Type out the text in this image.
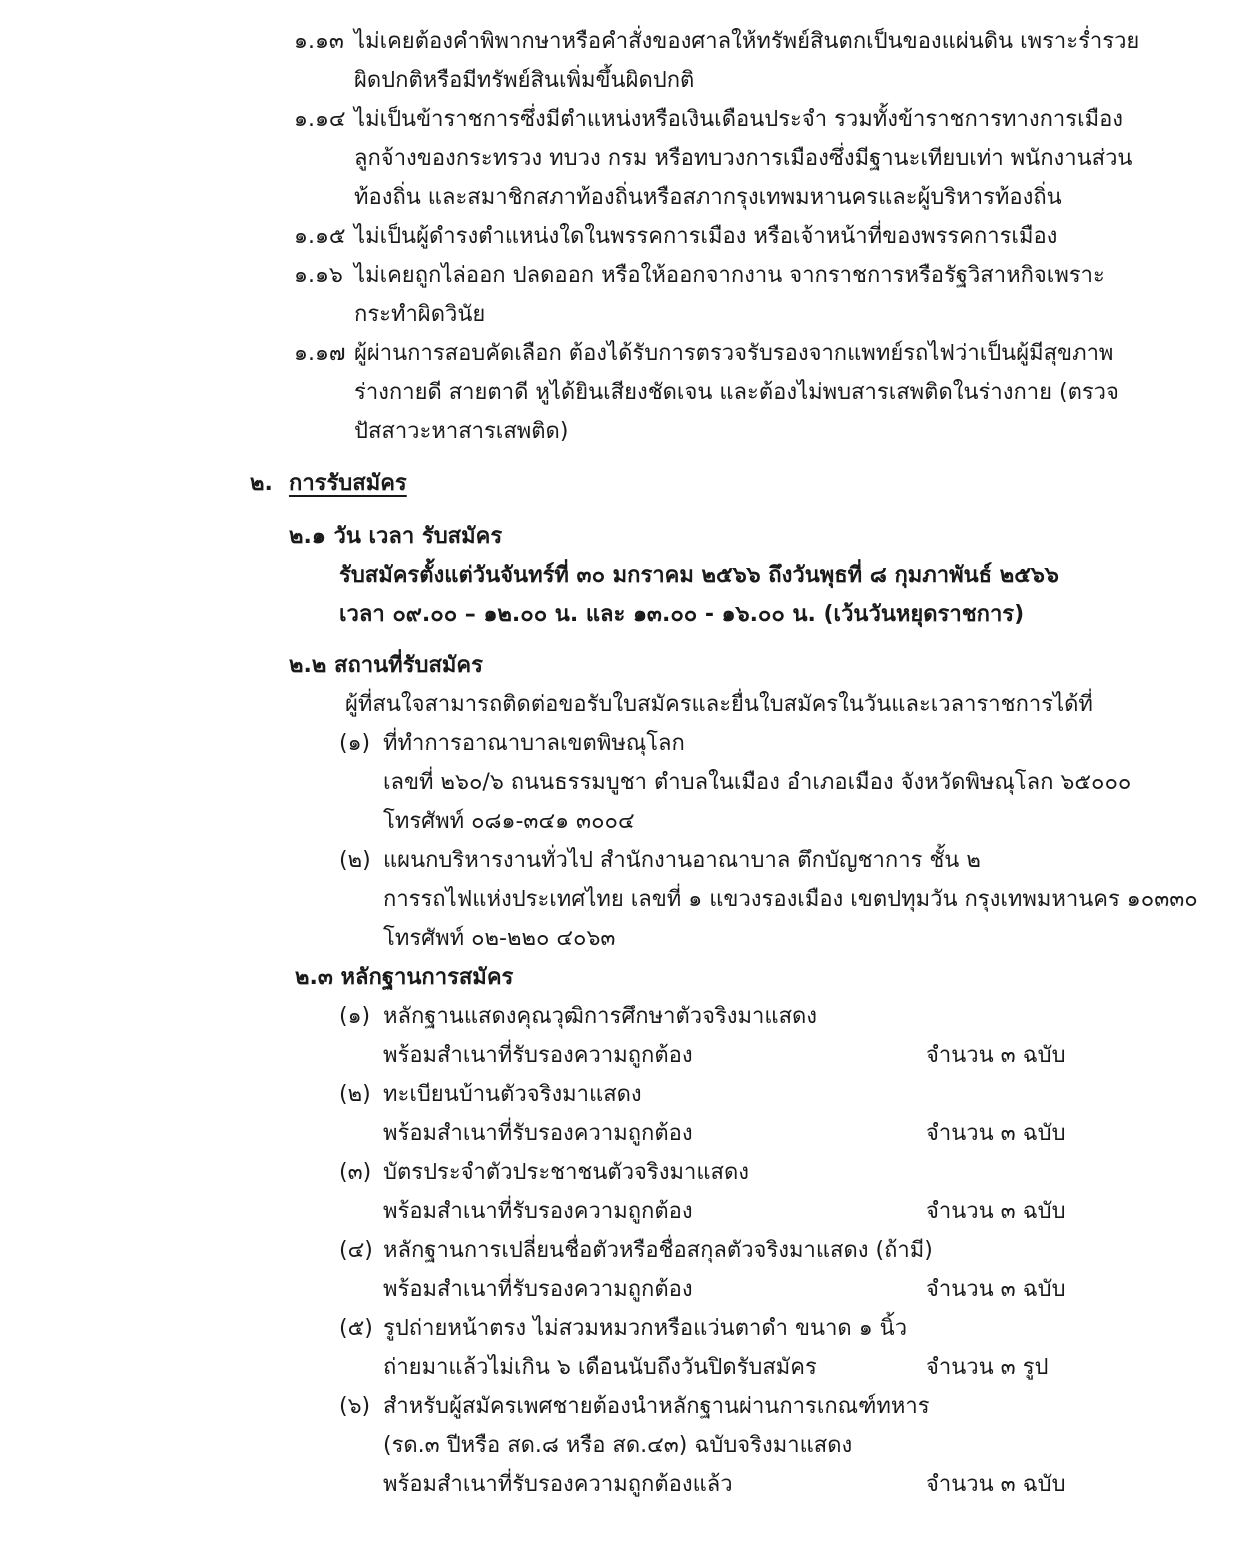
๑.๑๓ ไม่เคยต้องคำพิพากษาหรือคำสั่งของศาลให้ทรัพย์สินตกเป็นของแผ่นดิน เพราะร่ำรวย
ผิดปกติหรือมีทรัพย์สินเพิ่มขึ้นผิดปกติ
๑.๑๔ ไม่เป็นข้าราชการซึ่งมีตำแหน่งหรือเงินเดือนประจำ รวมทั้งข้าราชการทางการเมือง
ลูกจ้างของกระทรวง ทบวง กรม หรือทบวงการเมืองซึ่งมีฐานะเทียบเท่า พนักงานส่วน
ท้องถิ่น และสมาชิกสภาท้องถิ่นหรือสภากรุงเทพมหานครและผู้บริหารท้องถิ่น
๑.๑๕ ไม่เป็นผู้ดำรงตำแหน่งใดในพรรคการเมือง หรือเจ้าหน้าที่ของพรรคการเมือง
๑.๑๖ ไม่เคยถูกไล่ออก ปลดออก หรือให้ออกจากงาน จากราชการหรือรัฐวิสาหกิจเพราะ
กระทำผิดวินัย
๑.๑๗ ผู้ผ่านการสอบคัดเลือก ต้องได้รับการตรวจรับรองจากแพทย์รถไฟว่าเป็นผู้มีสุขภาพ
ร่างกายดี สายตาดี หูได้ยินเสียงชัดเจน และต้องไม่พบสารเสพติดในร่างกาย (ตรวจ
ปัสสาวะหาสารเสพติด)
๒. การรับสมัคร
๒.๑ วัน เวลา รับสมัคร
รับสมัครตั้งแต่วันจันทร์ที่ ๓๐ มกราคม ๒๕๖๖ ถึงวันพุธที่ ๘ กุมภาพันธ์ ๒๕๖๖
เวลา ๐๙.๐๐ – ๑๒.๐๐ น. และ ๑๓.๐๐ - ๑๖.๐๐ น. (เว้นวันหยุดราชการ)
๒.๒ สถานที่รับสมัคร
ผู้ที่สนใจสามารถติดต่อขอรับใบสมัครและยื่นใบสมัครในวันและเวลาราชการได้ที่
(๑) ที่ทำการอาณาบาลเขตพิษณุโลก
เลขที่ ๒๖๐/๖ ถนนธรรมบูชา ตำบลในเมือง อำเภอเมือง จังหวัดพิษณุโลก ๖๕๐๐๐
โทรศัพท์ ๐๘๑-๓๔๑ ๓๐๐๔
(๒) แผนกบริหารงานทั่วไป สำนักงานอาณาบาล ตึกบัญชาการ ชั้น ๒
การรถไฟแห่งประเทศไทย เลขที่ ๑ แขวงรองเมือง เขตปทุมวัน กรุงเทพมหานคร ๑๐๓๓๐
โทรศัพท์ ๐๒-๒๒๐ ๔๐๖๓
๒.๓ หลักฐานการสมัคร
(๑) หลักฐานแสดงคุณวุฒิการศึกษาตัวจริงมาแสดง
พร้อมสำเนาที่รับรองความถูกต้อง	จำนวน ๓ ฉบับ
(๒) ทะเบียนบ้านตัวจริงมาแสดง
พร้อมสำเนาที่รับรองความถูกต้อง	จำนวน ๓ ฉบับ
(๓) บัตรประจำตัวประชาชนตัวจริงมาแสดง
พร้อมสำเนาที่รับรองความถูกต้อง	จำนวน ๓ ฉบับ
(๔) หลักฐานการเปลี่ยนชื่อตัวหรือชื่อสกุลตัวจริงมาแสดง (ถ้ามี)
พร้อมสำเนาที่รับรองความถูกต้อง	จำนวน ๓ ฉบับ
(๕) รูปถ่ายหน้าตรง ไม่สวมหมวกหรือแว่นตาดำ ขนาด ๑ นิ้ว
ถ่ายมาแล้วไม่เกิน ๖ เดือนนับถึงวันปิดรับสมัคร	จำนวน ๓ รูป
(๖) สำหรับผู้สมัครเพศชายต้องนำหลักฐานผ่านการเกณฑ์ทหาร
(รด.๓ ปีหรือ สด.๘ หรือ สด.๔๓) ฉบับจริงมาแสดง
พร้อมสำเนาที่รับรองความถูกต้องแล้ว	จำนวน ๓ ฉบับ
